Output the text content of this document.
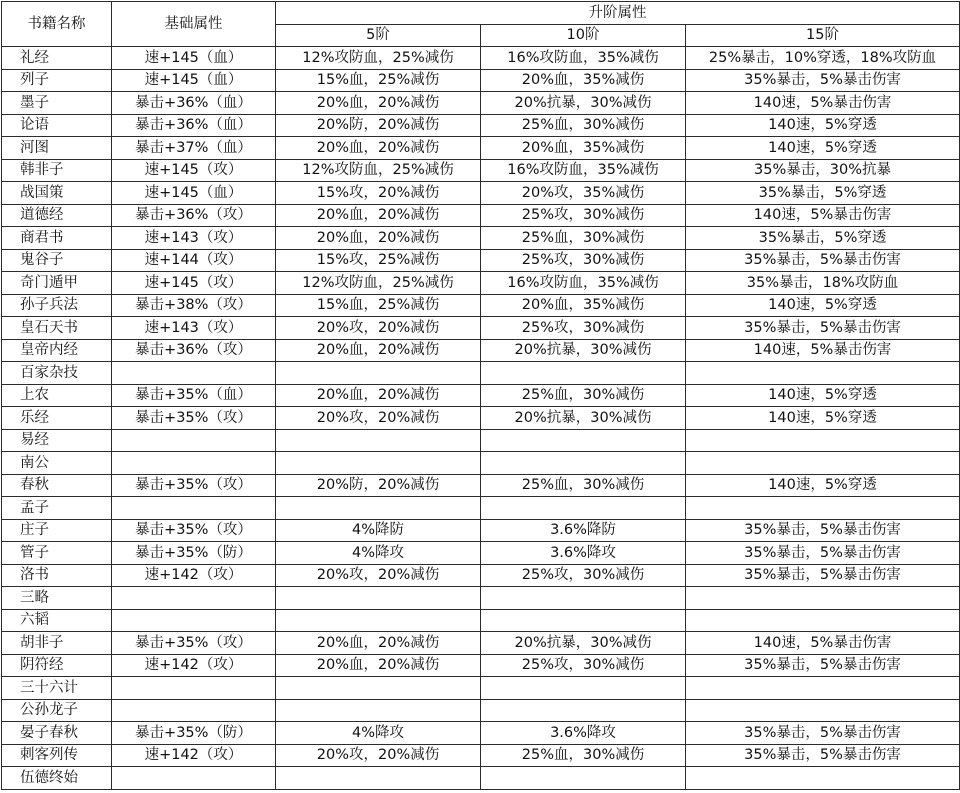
书籍名称	基础属性	升阶属性		
		5阶	10阶	15阶
礼经	速+145（血）	12%攻防血，25%减伤	16%攻防血，35%减伤	25%暴击，10%穿透，18%攻防血
列子	速+145（血）	15%血，25%减伤	20%血，35%减伤	35%暴击，5%暴击伤害
墨子	暴击+36%（血）	20%血，20%减伤	20%抗暴，30%减伤	140速，5%暴击伤害
论语	暴击+36%（血）	20%防，20%减伤	25%血，30%减伤	140速，5%穿透
河图	暴击+37%（血）	20%血，20%减伤	20%血，35%减伤	140速，5%穿透
韩非子	速+145（攻）	12%攻防血，25%减伤	16%攻防血，35%减伤	35%暴击，30%抗暴
战国策	速+145（血）	15%攻，20%减伤	20%攻，35%减伤	35%暴击，5%穿透
道德经	暴击+36%（攻）	20%血，20%减伤	25%攻，30%减伤	140速，5%暴击伤害
商君书	速+143（攻）	20%血，20%减伤	25%血，30%减伤	35%暴击，5%穿透
鬼谷子	速+144（攻）	15%攻，25%减伤	25%攻，30%减伤	35%暴击，5%暴击伤害
奇门遁甲	速+145（攻）	12%攻防血，25%减伤	16%攻防血，35%减伤	35%暴击，18%攻防血
孙子兵法	暴击+38%（攻）	15%血，25%减伤	20%血，35%减伤	140速，5%穿透
皇石天书	速+143（攻）	20%攻，20%减伤	25%攻，30%减伤	35%暴击，5%暴击伤害
皇帝内经	暴击+36%（攻）	20%血，20%减伤	20%抗暴，30%减伤	140速，5%暴击伤害
百家杂技				
上农	暴击+35%（血）	20%血，20%减伤	25%血，30%减伤	140速，5%穿透
乐经	暴击+35%（攻）	20%攻，20%减伤	20%抗暴，30%减伤	140速，5%穿透
易经				
南公				
春秋	暴击+35%（攻）	20%防，20%减伤	25%血，30%减伤	140速，5%穿透
孟子				
庄子	暴击+35%（攻）	4%降防	3.6%降防	35%暴击，5%暴击伤害
管子	暴击+35%（防）	4%降攻	3.6%降攻	35%暴击，5%暴击伤害
洛书	速+142（攻）	20%攻，20%减伤	25%攻，30%减伤	35%暴击，5%暴击伤害
三略				
六韬				
胡非子	暴击+35%（攻）	20%血，20%减伤	20%抗暴，30%减伤	140速，5%暴击伤害
阴符经	速+142（攻）	20%血，20%减伤	25%攻，30%减伤	35%暴击，5%暴击伤害
三十六计				
公孙龙子				
晏子春秋	暴击+35%（防）	4%降攻	3.6%降攻	35%暴击，5%暴击伤害
刺客列传	速+142（攻）	20%攻，20%减伤	25%血，30%减伤	35%暴击，5%暴击伤害
伍德终始				
